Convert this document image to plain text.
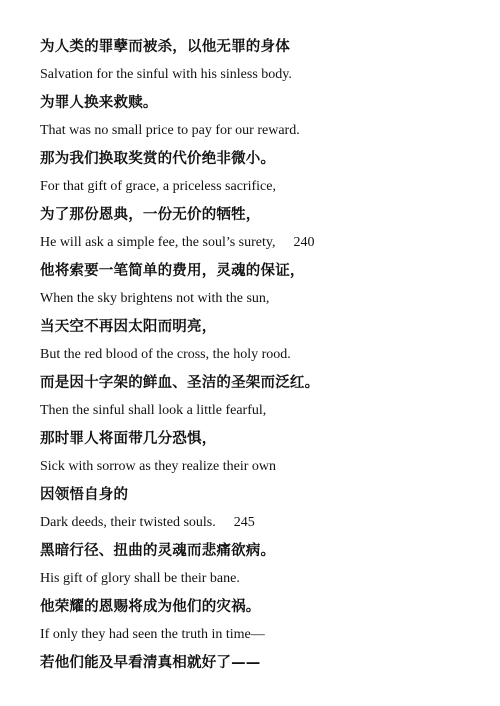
为人类的罪孽而被杀，以他无罪的身体
Salvation for the sinful with his sinless body.
为罪人换来救赎。
That was no small price to pay for our reward.
那为我们换取奖赏的代价绝非微小。
For that gift of grace, a priceless sacrifice,
为了那份恩典，一份无价的牺牲，
He will ask a simple fee, the soul’s surety, 240
他将索要一笔简单的费用，灵魂的保证，
When the sky brightens not with the sun,
当天空不再因太阳而明亮，
But the red blood of the cross, the holy rood.
而是因十字架的鲜血、圣洁的圣架而泛红。
Then the sinful shall look a little fearful,
那时罪人将面带几分恐惧，
Sick with sorrow as they realize their own
因领悟自身的
Dark deeds, their twisted souls. 245
黑暗行径、扭曲的灵魂而悲痛欲病。
His gift of glory shall be their bane.
他荣耀的恩赐将成为他们的灾祸。
If only they had seen the truth in time—
若他们能及早看清真相就好了——
